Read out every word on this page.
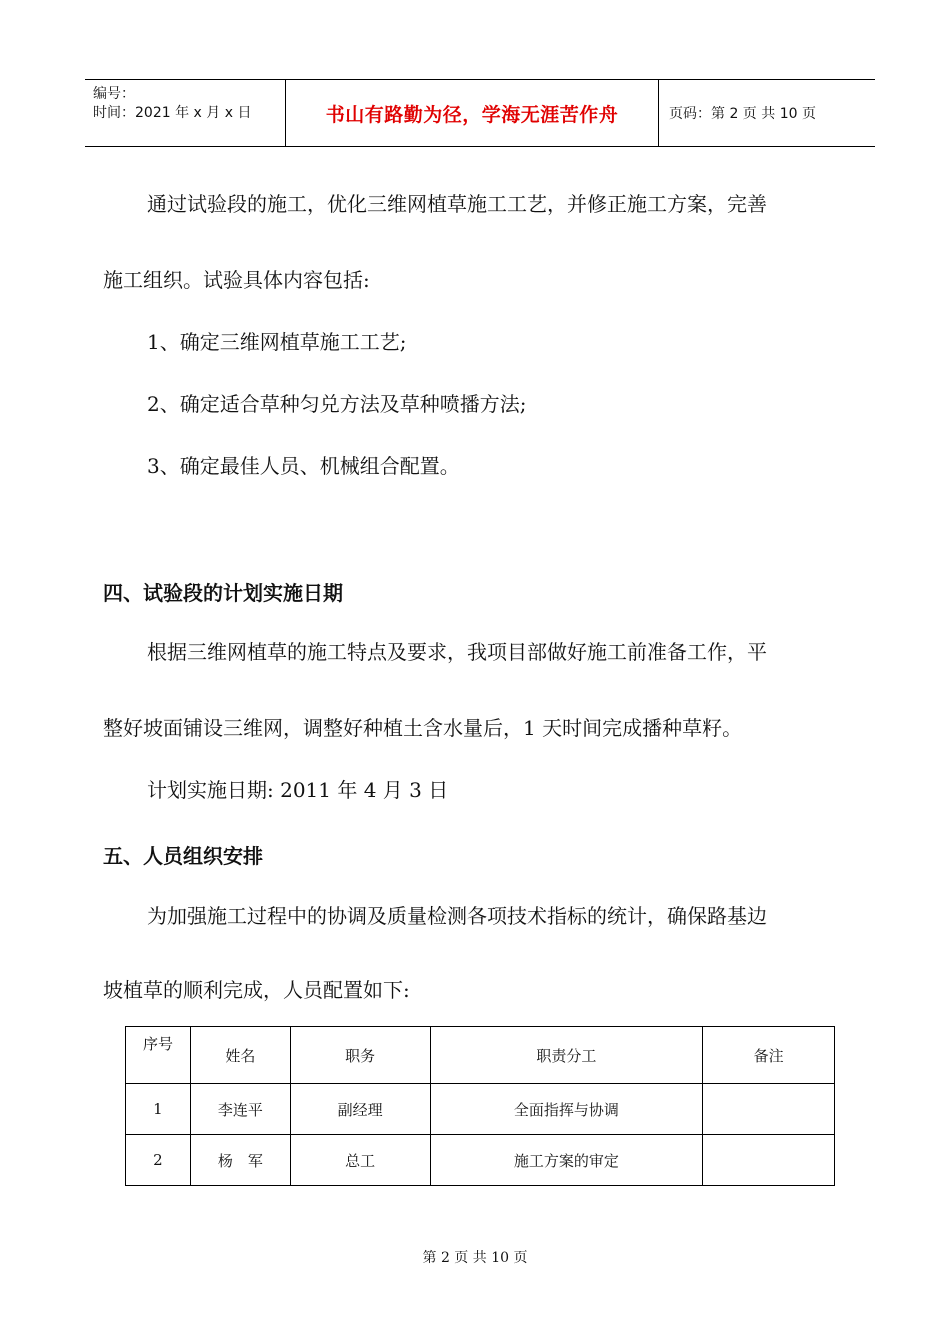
编号：
时间：2021 年 x 月 x 日	书山有路勤为径，学海无涯苦作舟	页码：第 2 页 共 10 页

通过试验段的施工，优化三维网植草施工工艺，并修正施工方案，完善

施工组织。试验具体内容包括:

1、确定三维网植草施工工艺;

2、确定适合草种匀兑方法及草种喷播方法;

3、确定最佳人员、机械组合配置。

四、试验段的计划实施日期

根据三维网植草的施工特点及要求，我项目部做好施工前准备工作，平

整好坡面铺设三维网，调整好种植土含水量后，1 天时间完成播种草籽。

计划实施日期: 2011 年 4 月 3 日

五、人员组织安排

为加强施工过程中的协调及质量检测各项技术指标的统计，确保路基边

坡植草的顺利完成，人员配置如下:

序号	姓名	职务	职责分工	备注
1	李连平	副经理	全面指挥与协调	
2	杨　军	总工	施工方案的审定	
第 2 页 共 10 页
